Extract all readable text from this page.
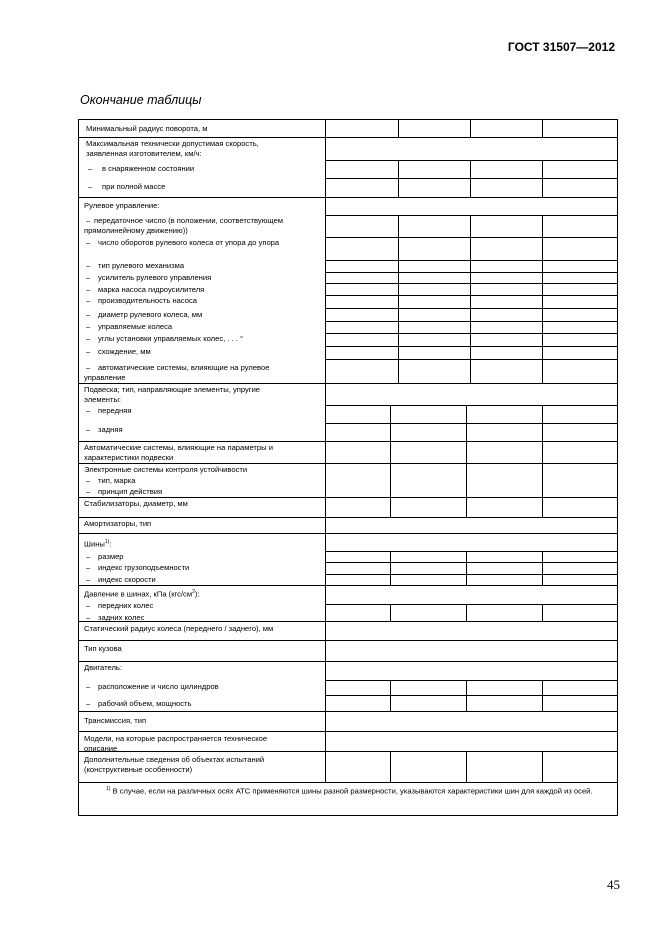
ГОСТ 31507—2012
Окончание таблицы
Минимальный радиус поворота, м
Максимальная технически допустимая скорость,
заявленная изготовителем, км/ч:
– в снаряженном состоянии
– при полной массе
Рулевое управление:
– передаточное число (в положении, соответствующем
прямолинейному движению))
– число оборотов рулевого колеса от упора до упора
– тип рулевого механизма
– усилитель рулевого управления
– марка насоса гидроусилителя
– производительность насоса
– диаметр рулевого колеса, мм
– управляемые колеса
– углы установки управляемых колес, . . . °
– схождение, мм
– автоматические системы, влияющие на рулевое
управление
Подвеска; тип, направляющие элементы, упругие
элементы:
– передняя
– задняя
Автоматические системы, влияющие на параметры и
характеристики подвески
Электронные системы контроля устойчивости
– тип, марка
– принцип действия
Стабилизаторы, диаметр, мм
Амортизаторы, тип
Шины$^{1)}$:
– размер
– индекс грузоподъемности
– индекс скорости
Давление в шинах, кПа $(кгс/см^2)$:
– передних колес
– задних колес
Статический радиус колеса (переднего / заднего), мм
Тип кузова
Двигатель:
– расположение и число цилиндров
– рабочий объем, мощность
Трансмиссия, тип
Модели, на которые распространяется техническое
описание
Дополнительные сведения об объектах испытаний
(конструктивные особенности)
$^{1)}$ В случае, если на различных осях АТС применяются шины разной размерности, указываются характеристики шин для каждой из осей.
45
